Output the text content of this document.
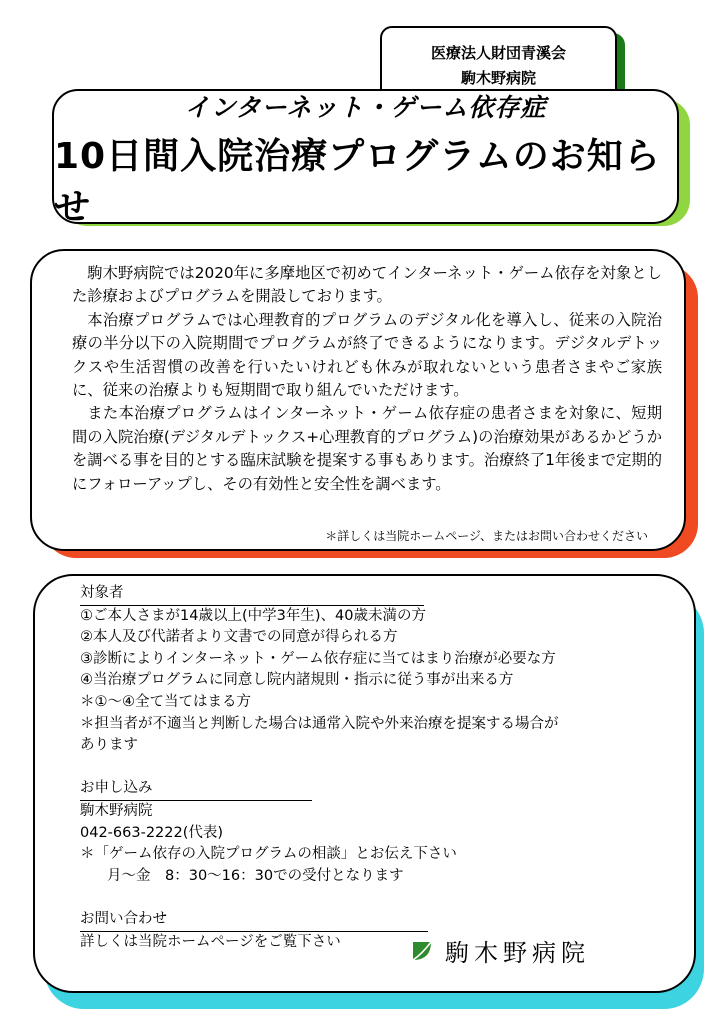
医療法人財団青溪会
駒木野病院
インターネット・ゲーム依存症
10日間入院治療プログラムのお知らせ

駒木野病院では2020年に多摩地区で初めてインターネット・ゲーム依存を対象とした診療およびプログラムを開設しております。

本治療プログラムでは心理教育的プログラムのデジタル化を導入し、従来の入院治療の半分以下の入院期間でプログラムが終了できるようになります。デジタルデトックスや生活習慣の改善を行いたいけれども休みが取れないという患者さまやご家族に、従来の治療よりも短期間で取り組んでいただけます。

また本治療プログラムはインターネット・ゲーム依存症の患者さまを対象に、短期間の入院治療(デジタルデトックス+心理教育的プログラム)の治療効果があるかどうかを調べる事を目的とする臨床試験を提案する事もあります。治療終了1年後まで定期的にフォローアップし、その有効性と安全性を調べます。

＊詳しくは当院ホームページ、またはお問い合わせください
対象者
①ご本人さまが14歳以上(中学3年生)、40歳未満の方
②本人及び代諾者より文書での同意が得られる方
③診断によりインターネット・ゲーム依存症に当てはまり治療が必要な方
④当治療プログラムに同意し院内諸規則・指示に従う事が出来る方
＊①～④全て当てはまる方
＊担当者が不適当と判断した場合は通常入院や外来治療を提案する場合が
あります
お申し込み
駒木野病院
042-663-2222(代表)
＊「ゲーム依存の入院プログラムの相談」とお伝え下さい
月～金　8：30～16：30での受付となります
お問い合わせ
詳しくは当院ホームページをご覧下さい	駒木野病院
